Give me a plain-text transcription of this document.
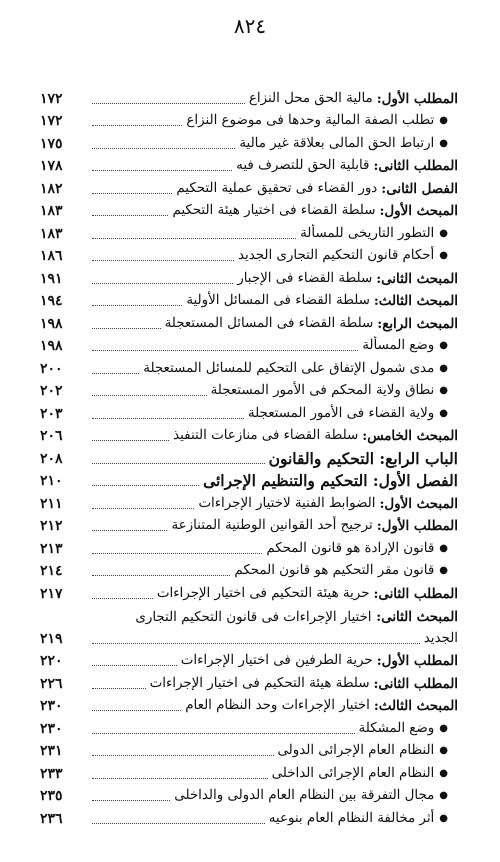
٨٢٤
المطلب الأول:
مالية الحق محل النزاع
١٧٢
●
تطلب الصفة المالية وحدها فى موضوع النزاع
١٧٢
●
ارتباط الحق المالى بعلاقة غير مالية
١٧٥
المطلب الثانى:
قابلية الحق للتصرف فيه
١٧٨
الفصل الثانى:
دور القضاء فى تحقيق عملية التحكيم
١٨٢
المبحث الأول:
سلطة القضاء فى اختيار هيئة التحكيم
١٨٣
●
التطور التاريخى للمسألة
١٨٣
●
أحكام قانون التحكيم التجارى الجديد
١٨٦
المبحث الثانى:
سلطة القضاء فى الإجبار
١٩١
المبحث الثالث:
سلطة القضاء فى المسائل الأولية
١٩٤
المبحث الرابع:
سلطة القضاء فى المسائل المستعجلة
١٩٨
●
وضع المسألة
١٩٨
●
مدى شمول الإتفاق على التحكيم للمسائل المستعجلة
٢٠٠
●
نطاق ولاية المحكم فى الأمور المستعجلة
٢٠٢
●
ولاية القضاء فى الأمور المستعجلة
٢٠٣
المبحث الخامس:
سلطة القضاء فى منازعات التنفيذ
٢٠٦
الباب الرابع: التحكيم والقانون
٢٠٨
الفصل الأول: التحكيم والتنظيم الإجرائى
٢١٠
المبحث الأول:
الضوابط الفنية لاختيار الإجراءات
٢١١
المطلب الأول:
ترجيح أحد القوانين الوطنية المتنازعة
٢١٢
●
قانون الإرادة هو قانون المحكم
٢١٣
●
قانون مقر التحكيم هو قانون المحكم
٢١٤
المطلب الثانى:
حرية هيئة التحكيم فى اختيار الإجراءات
٢١٧
المبحث الثانى: اختيار الإجراءات فى قانون التحكيم التجارى
الجديد
٢١٩
المطلب الأول:
حرية الطرفين فى اختيار الإجراءات
٢٢٠
المطلب الثانى:
سلطة هيئة التحكيم فى اختيار الإجراءات
٢٢٦
المبحث الثالث:
اختيار الإجراءات وحد النظام العام
٢٣٠
●
وضع المشكلة
٢٣٠
●
النظام العام الإجرائى الدولى
٢٣١
●
النظام العام الإجرائى الداخلى
٢٣٣
●
مجال التفرقة بين النظام العام الدولى والداخلى
٢٣٥
●
أثر مخالفة النظام العام بنوعيه
٢٣٦
